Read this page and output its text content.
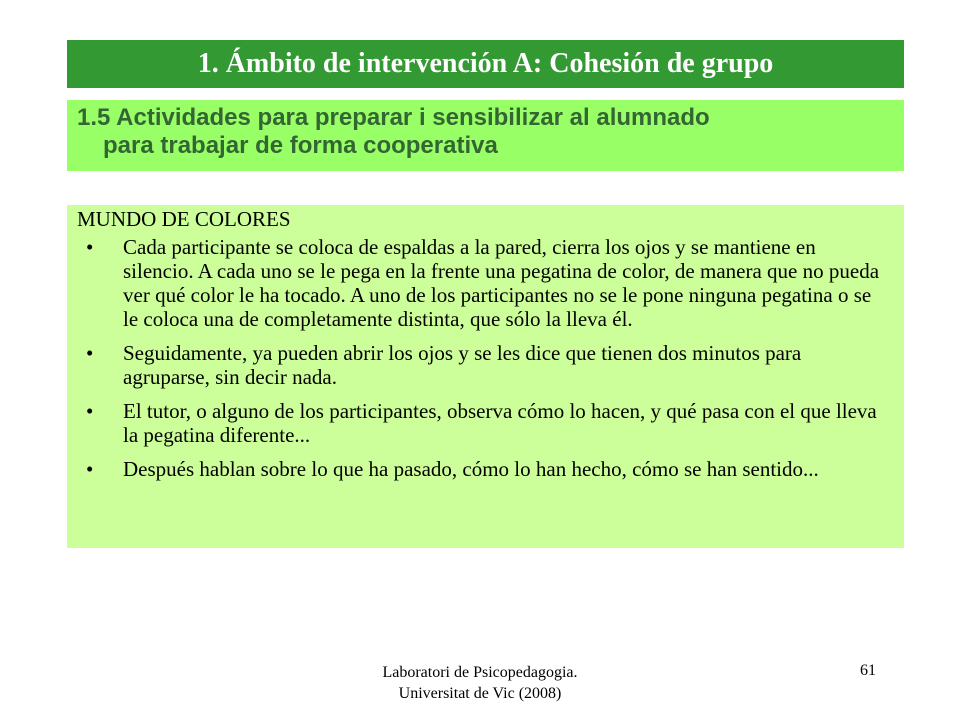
1. Ámbito de intervención A: Cohesión de grupo
1.5 Actividades para preparar i sensibilizar al alumnado
para trabajar de forma cooperativa
MUNDO DE COLORES
• Cada participante se coloca de espaldas a la pared, cierra los ojos y se mantiene en silencio. A cada uno se le pega en la frente una pegatina de color, de manera que no pueda ver qué color le ha tocado. A uno de los participantes no se le pone ninguna pegatina o se le coloca una de completamente distinta, que sólo la lleva él.
• Seguidamente, ya pueden abrir los ojos y se les dice que tienen dos minutos para agruparse, sin decir nada.
• El tutor, o alguno de los participantes, observa cómo lo hacen, y qué pasa con el que lleva la pegatina diferente...
• Después hablan sobre lo que ha pasado, cómo lo han hecho, cómo se han sentido...
Laboratori de Psicopedagogia.
Universitat de Vic (2008)
61
